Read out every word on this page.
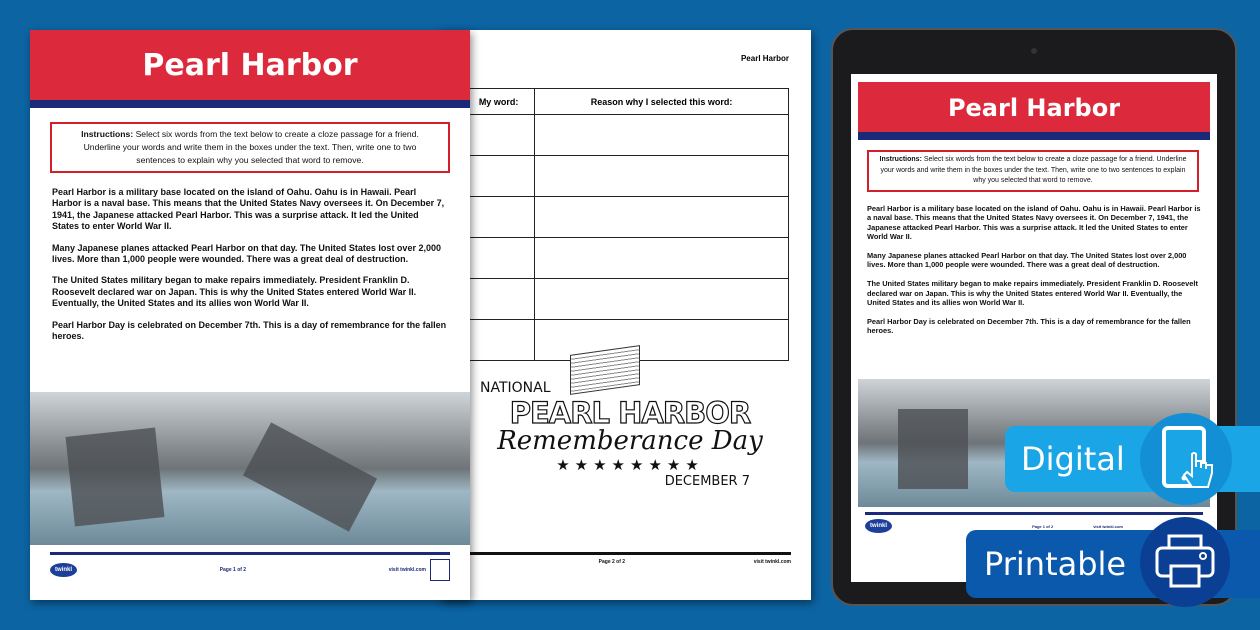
Pearl Harbor
My word:	Reason why I selected this word:

NATIONAL
PEARL HARBOR
Rememberance Day
★★★★★★★★
DECEMBER 7
Page 2 of 2	visit twinkl.com
Pearl Harbor
Instructions: Select six words from the text below to create a cloze passage for a friend. Underline your words and write them in the boxes under the text. Then, write one to two sentences to explain why you selected that word to remove.

Pearl Harbor is a military base located on the island of Oahu. Oahu is in Hawaii. Pearl Harbor is a naval base. This means that the United States Navy oversees it. On December 7, 1941, the Japanese attacked Pearl Harbor. This was a surprise attack. It led the United States to enter World War II.

Many Japanese planes attacked Pearl Harbor on that day. The United States lost over 2,000 lives. More than 1,000 people were wounded. There was a great deal of destruction.

The United States military began to make repairs immediately. President Franklin D. Roosevelt declared war on Japan. This is why the United States entered World War II. Eventually, the United States and its allies won World War II.

Pearl Harbor Day is celebrated on December 7th. This is a day of remembrance for the fallen heroes.

twinkl	Page 1 of 2	visit twinkl.com
Pearl Harbor
Instructions: Select six words from the text below to create a cloze passage for a friend. Underline your words and write them in the boxes under the text. Then, write one to two sentences to explain why you selected that word to remove.

Pearl Harbor is a military base located on the island of Oahu. Oahu is in Hawaii. Pearl Harbor is a naval base. This means that the United States Navy oversees it. On December 7, 1941, the Japanese attacked Pearl Harbor. This was a surprise attack. It led the United States to enter World War II.

Many Japanese planes attacked Pearl Harbor on that day. The United States lost over 2,000 lives. More than 1,000 people were wounded. There was a great deal of destruction.

The United States military began to make repairs immediately. President Franklin D. Roosevelt declared war on Japan. This is why the United States entered World War II. Eventually, the United States and its allies won World War II.

Pearl Harbor Day is celebrated on December 7th. This is a day of remembrance for the fallen heroes.

twinkl	Page 1 of 2	visit twinkl.com
Digital
Printable
